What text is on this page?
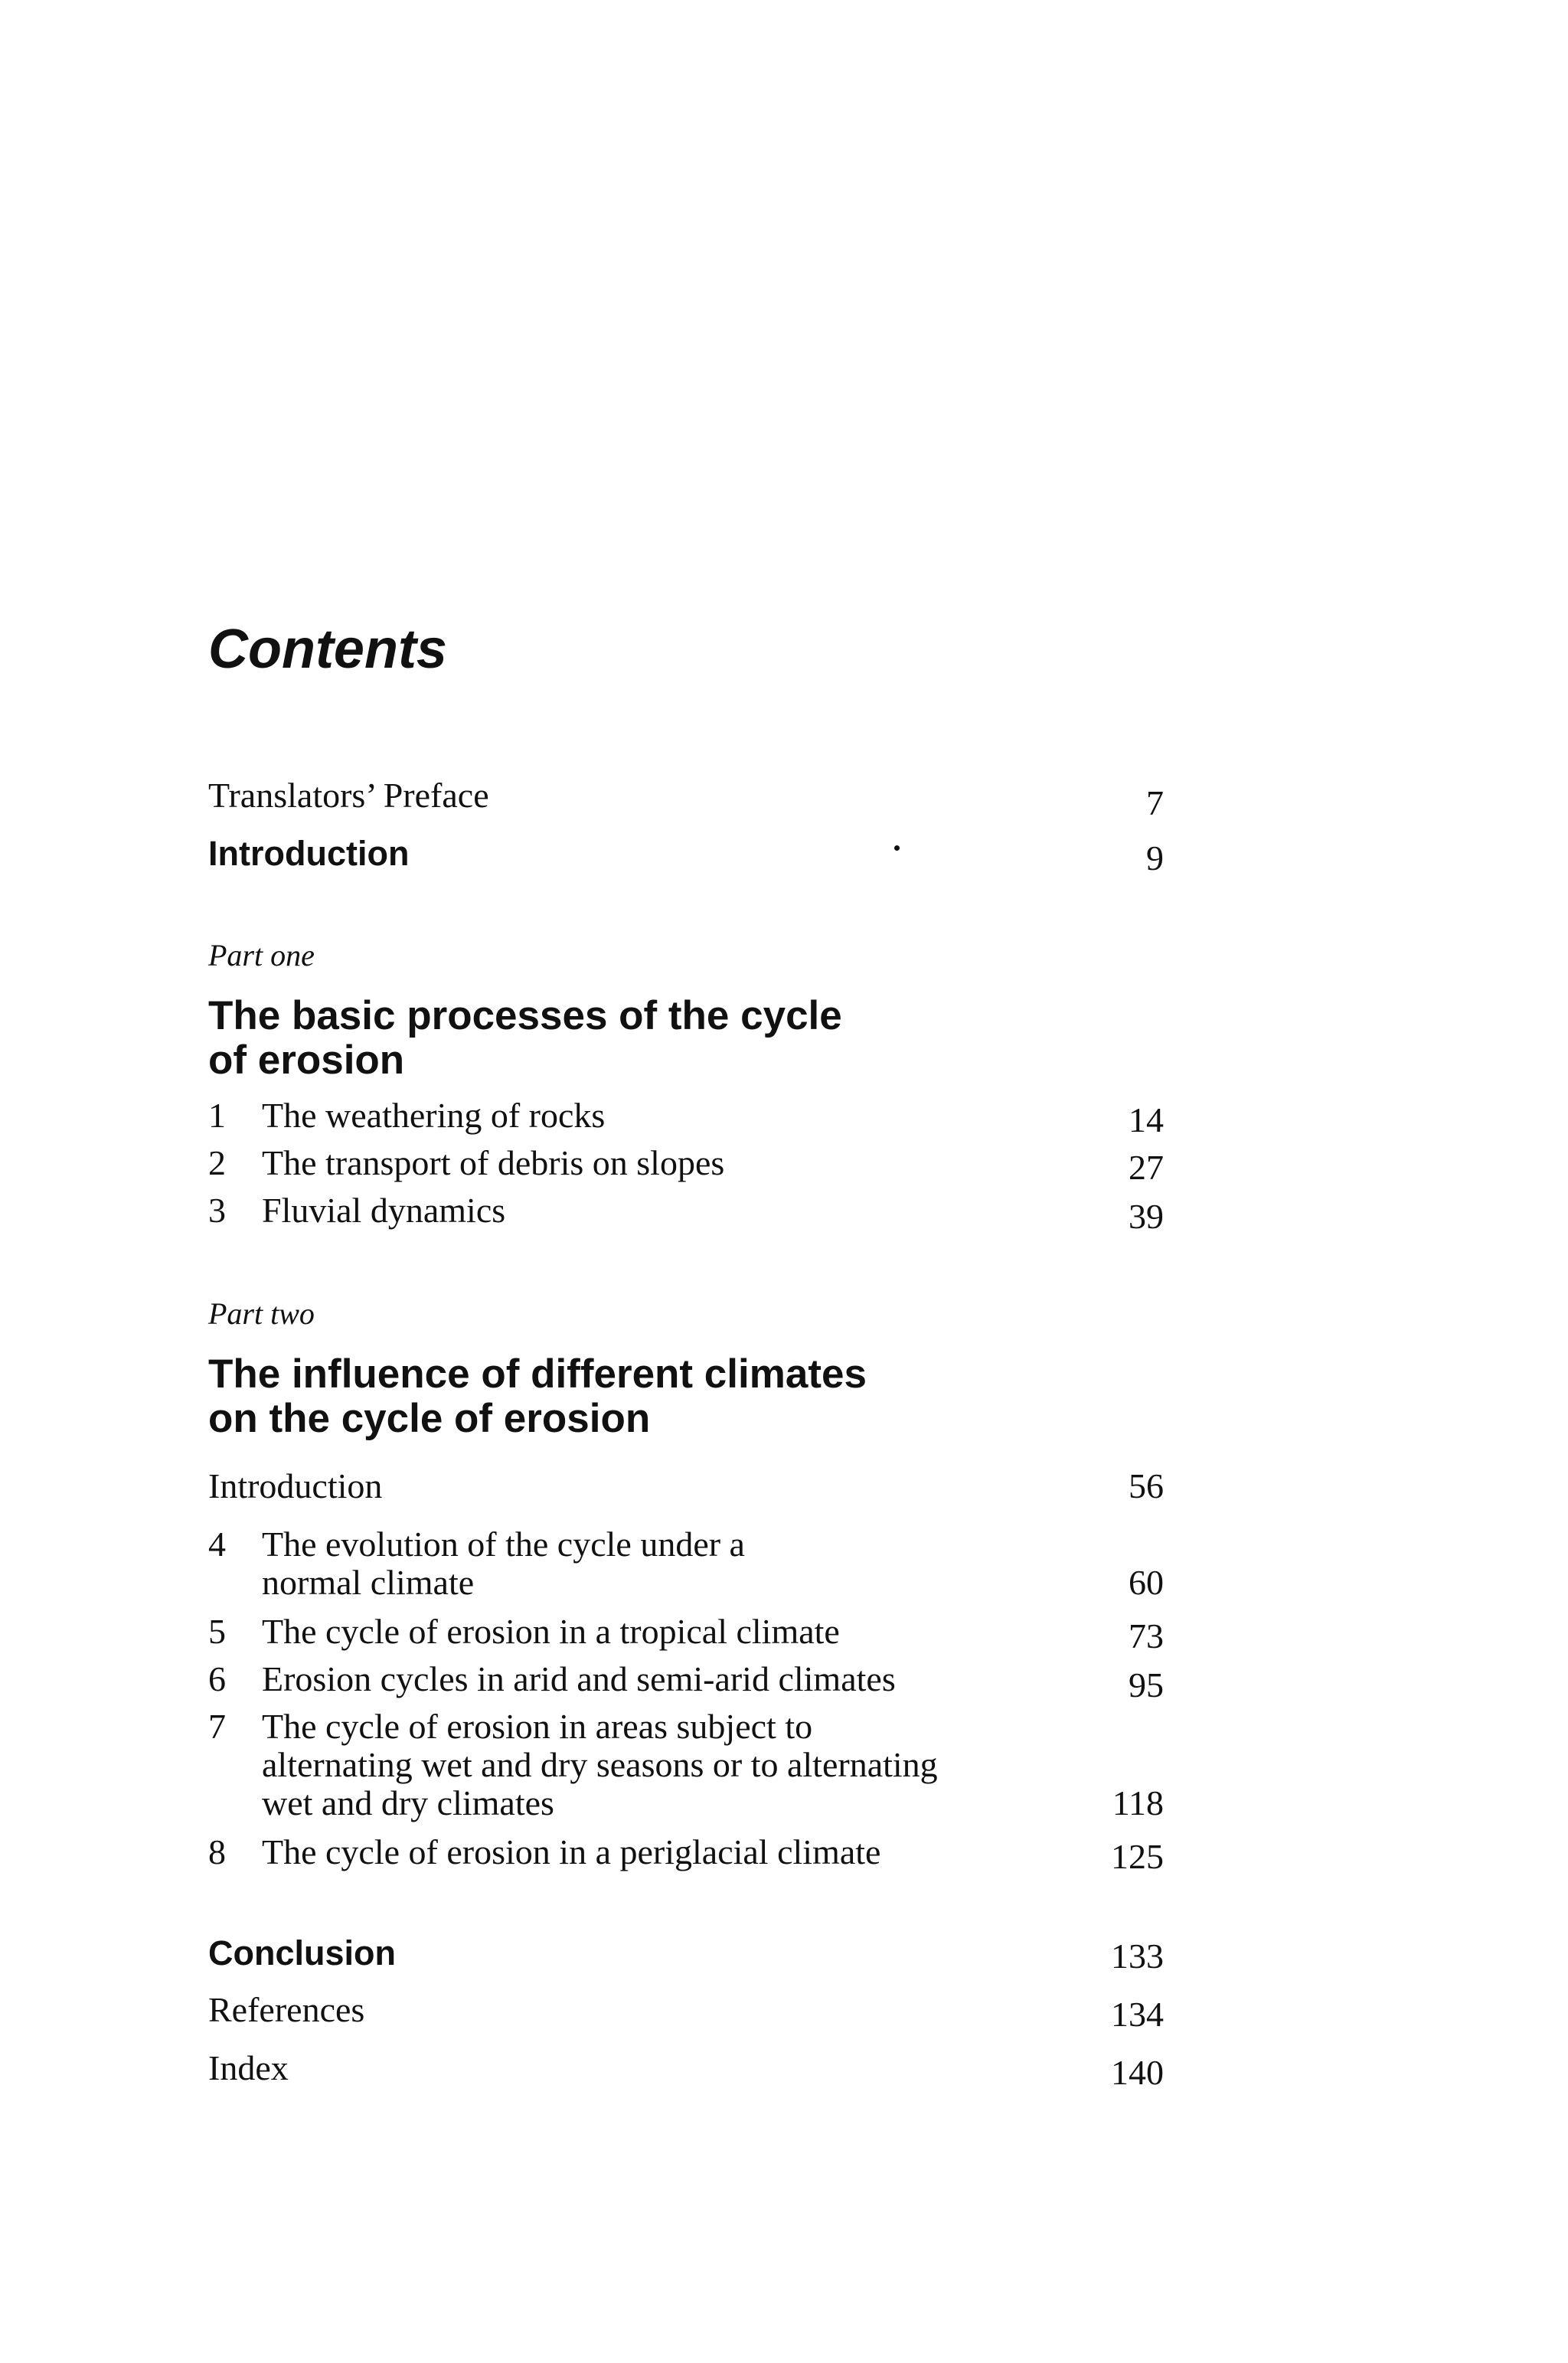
Contents
Translators’ Preface	7
Introduction	9
Part one
The basic processes of the cycle
of erosion
1	The weathering of rocks	14
2	The transport of debris on slopes	27
3	Fluvial dynamics	39
Part two
The influence of different climates
on the cycle of erosion
Introduction	56
4	The evolution of the cycle under a
normal climate	60
5	The cycle of erosion in a tropical climate	73
6	Erosion cycles in arid and semi-arid climates	95
7	The cycle of erosion in areas subject to
alternating wet and dry seasons or to alternating
wet and dry climates	118
8	The cycle of erosion in a periglacial climate	125
Conclusion	133
References	134
Index	140
